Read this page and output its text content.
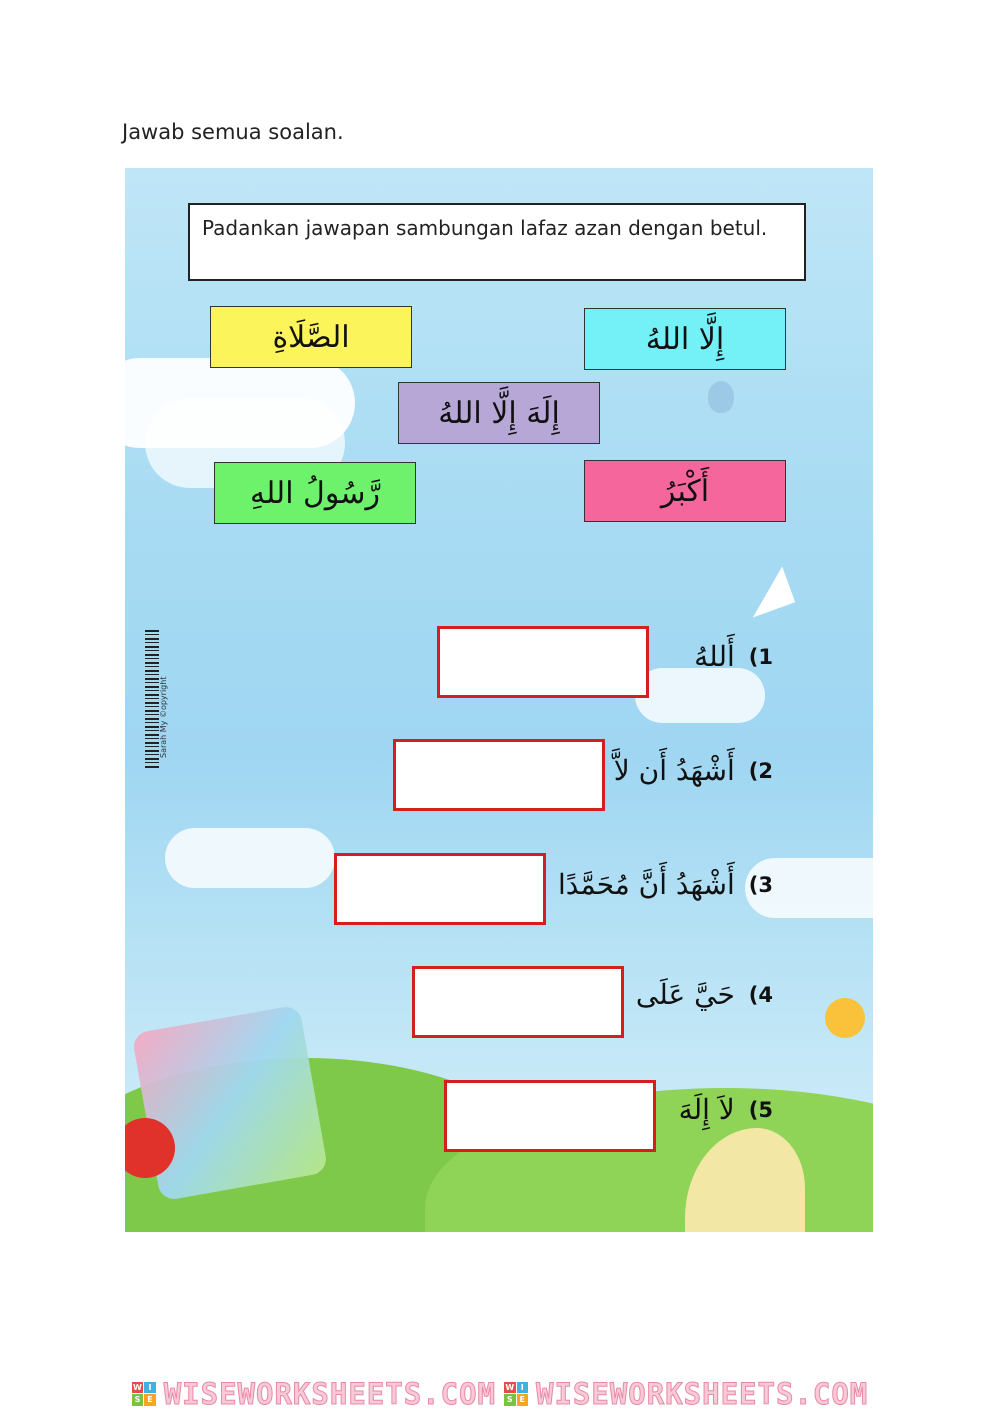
Jawab semua soalan.
Sarah My ©opyright
Padankan jawapan sambungan lafaz azan dengan betul.
الصَّلَاةِ	إِلَّا اللهُ
إِلَهَ إِلَّا اللهُ
رَّسُولُ اللهِ	أَكْبَرُ
1)
أَللهُ
2)
أَشْهَدُ أَن لاَّ
3)
أَشْهَدُ أَنَّ مُحَمَّدًا
4)
حَيَّ عَلَى
5)
لاَ إِلَهَ
W I
S E WISEWORKSHEETS.COM W I
S E WISEWORKSHEETS.COM
